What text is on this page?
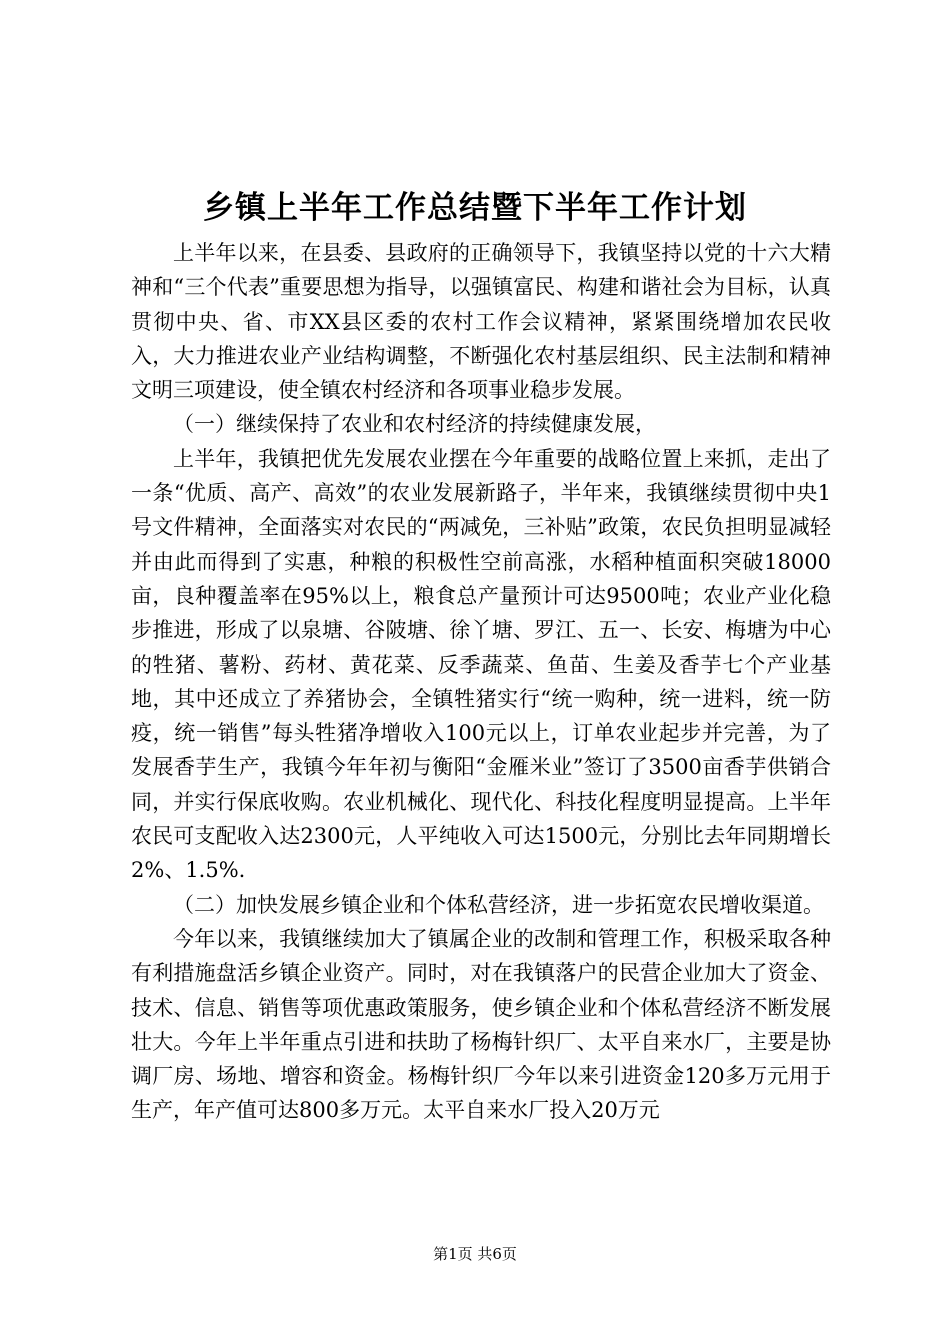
乡镇上半年工作总结暨下半年工作计划

上半年以来，在县委、县政府的正确领导下，我镇坚持以党的十六大精神和“三个代表”重要思想为指导，以强镇富民、构建和谐社会为目标，认真贯彻中央、省、市XX县区委的农村工作会议精神，紧紧围绕增加农民收入，大力推进农业产业结构调整，不断强化农村基层组织、民主法制和精神文明三项建设，使全镇农村经济和各项事业稳步发展。

（一）继续保持了农业和农村经济的持续健康发展，

上半年，我镇把优先发展农业摆在今年重要的战略位置上来抓，走出了一条“优质、高产、高效”的农业发展新路子，半年来，我镇继续贯彻中央1号文件精神，全面落实对农民的“两减免，三补贴”政策，农民负担明显减轻并由此而得到了实惠，种粮的积极性空前高涨，水稻种植面积突破18000亩，良种覆盖率在95%以上，粮食总产量预计可达9500吨；农业产业化稳步推进，形成了以泉塘、谷陂塘、徐丫塘、罗江、五一、长安、梅塘为中心的牲猪、薯粉、药材、黄花菜、反季蔬菜、鱼苗、生姜及香芋七个产业基地，其中还成立了养猪协会，全镇牲猪实行“统一购种，统一进料，统一防疫，统一销售”每头牲猪净增收入100元以上，订单农业起步并完善，为了发展香芋生产，我镇今年年初与衡阳“金雁米业”签订了3500亩香芋供销合同，并实行保底收购。农业机械化、现代化、科技化程度明显提高。上半年农民可支配收入达2300元，人平纯收入可达1500元，分别比去年同期增长2%、1.5%.

（二）加快发展乡镇企业和个体私营经济，进一步拓宽农民增收渠道。

今年以来，我镇继续加大了镇属企业的改制和管理工作，积极采取各种有利措施盘活乡镇企业资产。同时，对在我镇落户的民营企业加大了资金、技术、信息、销售等项优惠政策服务，使乡镇企业和个体私营经济不断发展壮大。今年上半年重点引进和扶助了杨梅针织厂、太平自来水厂，主要是协调厂房、场地、增容和资金。杨梅针织厂今年以来引进资金120多万元用于生产，年产值可达800多万元。太平自来水厂投入20万元

第1页 共6页
